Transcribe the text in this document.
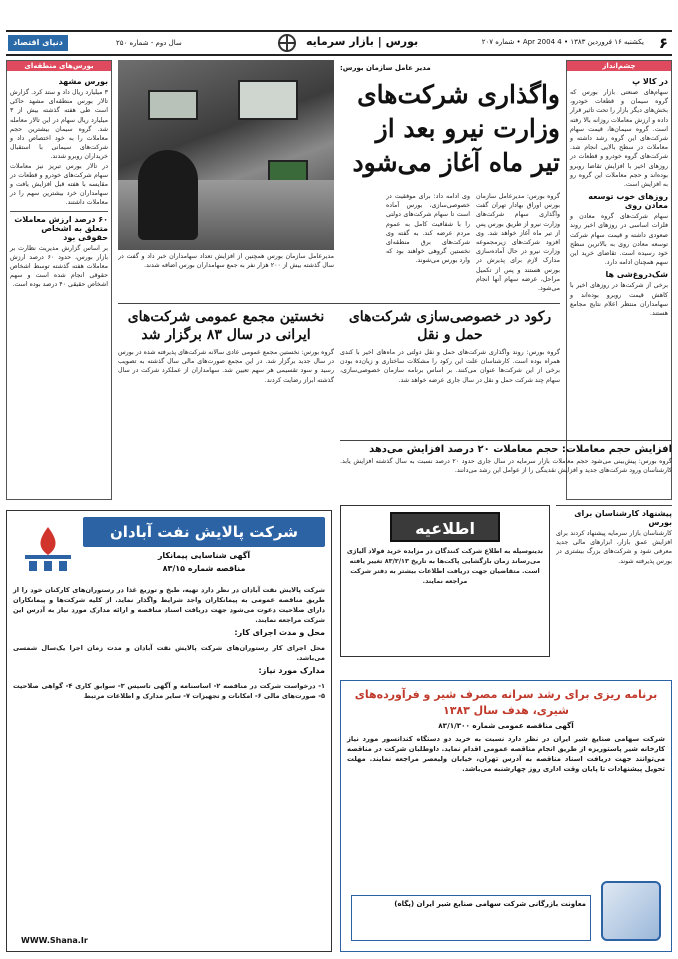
۶
یکشنبه ۱۶ فروردین ۱۳۸۳ • 4 Apr 2004 • شماره ۲۰۷
بورس | بازار سرمایه
سال دوم - شماره ۲۵۰
دنیای اقتصاد
چشم‌انداز
در کالا پ
سهام‌های صنعتی بازار بورس که گروه سیمان و قطعات خودرو، بخش‌های دیگر بازار را تحت تاثیر قرار داده و ارزش معاملات روزانه بالا رفته است. گروه سیمان‌ها، قیمت سهام شرکت‌های این گروه رشد داشته و معاملات در سطح بالایی انجام شد. شرکت‌های گروه خودرو و قطعات در روزهای اخیر با افزایش تقاضا روبرو بوده‌اند و حجم معاملات این گروه رو به افزایش است.
روزهای خوب توسعه معادن روی
سهام شرکت‌های گروه معادن و فلزات اساسی در روزهای اخیر روند صعودی داشته و قیمت سهام شرکت توسعه معادن روی به بالاترین سطح خود رسیده است. تقاضای خرید این سهم همچنان ادامه دارد.
شک‌دروغ‌شی ها
برخی از شرکت‌ها در روزهای اخیر با کاهش قیمت روبرو بوده‌اند و سهامداران منتظر اعلام نتایج مجامع هستند.
بورس‌های منطقه‌ای
بورس مشهد
۳ میلیارد ریال داد و ستد کرد. گزارش تالار بورس منطقه‌ای مشهد حاکی است طی هفته گذشته بیش از ۳ میلیارد ریال سهام در این تالار معامله شد. گروه سیمان بیشترین حجم معاملات را به خود اختصاص داد و شرکت‌های سیمانی با استقبال خریداران روبرو شدند.
در تالار بورس تبریز نیز معاملات سهام شرکت‌های خودرو و قطعات در مقایسه با هفته قبل افزایش یافت و سهامداران خرد بیشترین سهم را در معاملات داشتند.
۶۰ درصد ارزش معاملات متعلق به اشخاص حقوقی بود
بر اساس گزارش مدیریت نظارت بر بازار بورس، حدود ۶۰ درصد ارزش معاملات هفته گذشته توسط اشخاص حقوقی انجام شده است و سهم اشخاص حقیقی ۴۰ درصد بوده است.
مدیر عامل سازمان بورس:
واگذاری شرکت‌های وزارت نیرو بعد از تیر ماه آغاز می‌شود
گروه بورس: مدیرعامل سازمان بورس اوراق بهادار تهران گفت واگذاری سهام شرکت‌های وزارت نیرو از طریق بورس پس از تیر ماه آغاز خواهد شد. وی افزود شرکت‌های زیرمجموعه وزارت نیرو در حال آماده‌سازی مدارک لازم برای پذیرش در بورس هستند و پس از تکمیل مراحل، عرضه سهام آنها انجام می‌شود.
وی ادامه داد: برای موفقیت در خصوصی‌سازی، بورس آماده است تا سهام شرکت‌های دولتی را با شفافیت کامل به عموم مردم عرضه کند. به گفته وی شرکت‌های برق منطقه‌ای نخستین گروهی خواهند بود که وارد بورس می‌شوند.
مدیرعامل سازمان بورس همچنین از افزایش تعداد سهامداران خبر داد و گفت در سال گذشته بیش از ۲۰۰ هزار نفر به جمع سهامداران بورس اضافه شدند.
رکود در خصوصی‌سازی شرکت‌های حمل و نقل
گروه بورس: روند واگذاری شرکت‌های حمل و نقل دولتی در ماه‌های اخیر با کندی همراه بوده است. کارشناسان علت این رکود را مشکلات ساختاری و زیان‌ده بودن برخی از این شرکت‌ها عنوان می‌کنند. بر اساس برنامه سازمان خصوصی‌سازی، سهام چند شرکت حمل و نقل در سال جاری عرضه خواهد شد.
نخستین مجمع عمومی شرکت‌های ایرانی در سال ۸۳ برگزار شد
گروه بورس: نخستین مجمع عمومی عادی سالانه شرکت‌های پذیرفته شده در بورس در سال جدید برگزار شد. در این مجمع صورت‌های مالی سال گذشته به تصویب رسید و سود تقسیمی هر سهم تعیین شد. سهامداران از عملکرد شرکت در سال گذشته ابراز رضایت کردند.
افزایش حجم معاملات: حجم معاملات ۲۰ درصد افزایش می‌دهد
گروه بورس: پیش‌بینی می‌شود حجم معاملات بازار سرمایه در سال جاری حدود ۲۰ درصد نسبت به سال گذشته افزایش یابد. کارشناسان ورود شرکت‌های جدید و افزایش نقدینگی را از عوامل این رشد می‌دانند.
پیشنهاد کارشناسان برای بورس
کارشناسان بازار سرمایه پیشنهاد کردند برای افزایش عمق بازار، ابزارهای مالی جدید معرفی شود و شرکت‌های بزرگ بیشتری در بورس پذیرفته شوند.
شرکت پالایش نفت آبادان
آگهی شناسایی پیمانکار
مناقصه شماره ۸۳/۱۵
شرکت پالایش نفت آبادان در نظر دارد تهیه، طبخ و توزیع غذا در رستوران‌های کارکنان خود را از طریق مناقصه عمومی به پیمانکاران واجد شرایط واگذار نماید. از کلیه شرکت‌ها و پیمانکاران دارای صلاحیت دعوت می‌شود جهت دریافت اسناد مناقصه و ارائه مدارک مورد نیاز به آدرس این شرکت مراجعه نمایند.
محل و مدت اجرای کار:
محل اجرای کار رستوران‌های شرکت پالایش نفت آبادان و مدت زمان اجرا یک‌سال شمسی می‌باشد.
مدارک مورد نیاز:
۱- درخواست شرکت در مناقصه ۲- اساسنامه و آگهی تاسیس ۳- سوابق کاری ۴- گواهی صلاحیت ۵- صورت‌های مالی ۶- امکانات و تجهیزات ۷- سایر مدارک و اطلاعات مرتبط
WWW.Shana.Ir
اطلاعیه
بدینوسیله به اطلاع شرکت کنندگان در مزایده خرید فولاد آلیاژی می‌رساند زمان بازگشایی پاکت‌ها به تاریخ ۸۳/۲/۱۳ تغییر یافته است. متقاضیان جهت دریافت اطلاعات بیشتر به دفتر شرکت مراجعه نمایند.
برنامه ریزی برای رشد سرانه مصرف شیر و فرآورده‌های شیری، هدف سال ۱۳۸۳
آگهی مناقصه عمومی شماره ۸۳/۱/۳۰۰
شرکت سهامی صنایع شیر ایران در نظر دارد نسبت به خرید دو دستگاه کندانسور مورد نیاز کارخانه شیر پاستوریزه از طریق انجام مناقصه عمومی اقدام نماید. داوطلبان شرکت در مناقصه می‌توانند جهت دریافت اسناد مناقصه به آدرس تهران، خیابان ولیعصر مراجعه نمایند. مهلت تحویل پیشنهادات تا پایان وقت اداری روز چهارشنبه می‌باشد.
معاونت بازرگانی شرکت سهامی صنایع شیر ایران (پگاه)
